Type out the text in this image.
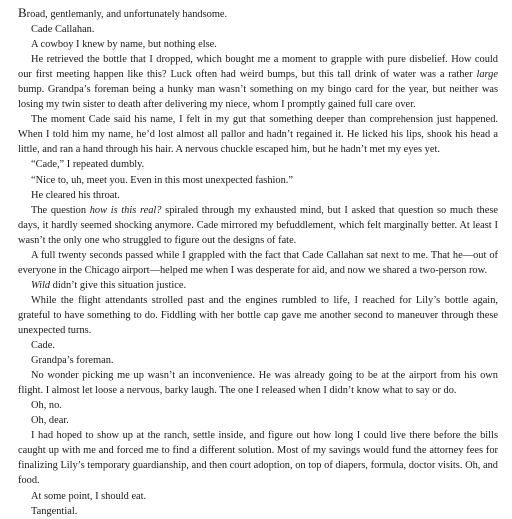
Broad, gentlemanly, and unfortunately handsome.

Cade Callahan.

A cowboy I knew by name, but nothing else.

He retrieved the bottle that I dropped, which bought me a moment to grapple with pure disbelief. How could our first meeting happen like this? Luck often had weird bumps, but this tall drink of water was a rather large bump. Grandpa’s foreman being a hunky man wasn’t something on my bingo card for the year, but neither was losing my twin sister to death after delivering my niece, whom I promptly gained full care over.

The moment Cade said his name, I felt in my gut that something deeper than comprehension just happened. When I told him my name, he’d lost almost all pallor and hadn’t regained it. He licked his lips, shook his head a little, and ran a hand through his hair. A nervous chuckle escaped him, but he hadn’t met my eyes yet.

“Cade,” I repeated dumbly.

“Nice to, uh, meet you. Even in this most unexpected fashion.”

He cleared his throat.

The question how is this real? spiraled through my exhausted mind, but I asked that question so much these days, it hardly seemed shocking anymore. Cade mirrored my befuddlement, which felt marginally better. At least I wasn’t the only one who struggled to figure out the designs of fate.

A full twenty seconds passed while I grappled with the fact that Cade Callahan sat next to me. That he—out of everyone in the Chicago airport—helped me when I was desperate for aid, and now we shared a two-person row.

Wild didn’t give this situation justice.

While the flight attendants strolled past and the engines rumbled to life, I reached for Lily’s bottle again, grateful to have something to do. Fiddling with her bottle cap gave me another second to maneuver through these unexpected turns.

Cade.

Grandpa’s foreman.

No wonder picking me up wasn’t an inconvenience. He was already going to be at the airport from his own flight. I almost let loose a nervous, barky laugh. The one I released when I didn’t know what to say or do.

Oh, no.

Oh, dear.

I had hoped to show up at the ranch, settle inside, and figure out how long I could live there before the bills caught up with me and forced me to find a different solution. Most of my savings would fund the attorney fees for finalizing Lily’s temporary guardianship, and then court adoption, on top of diapers, formula, doctor visits. Oh, and food.

At some point, I should eat.

Tangential.
